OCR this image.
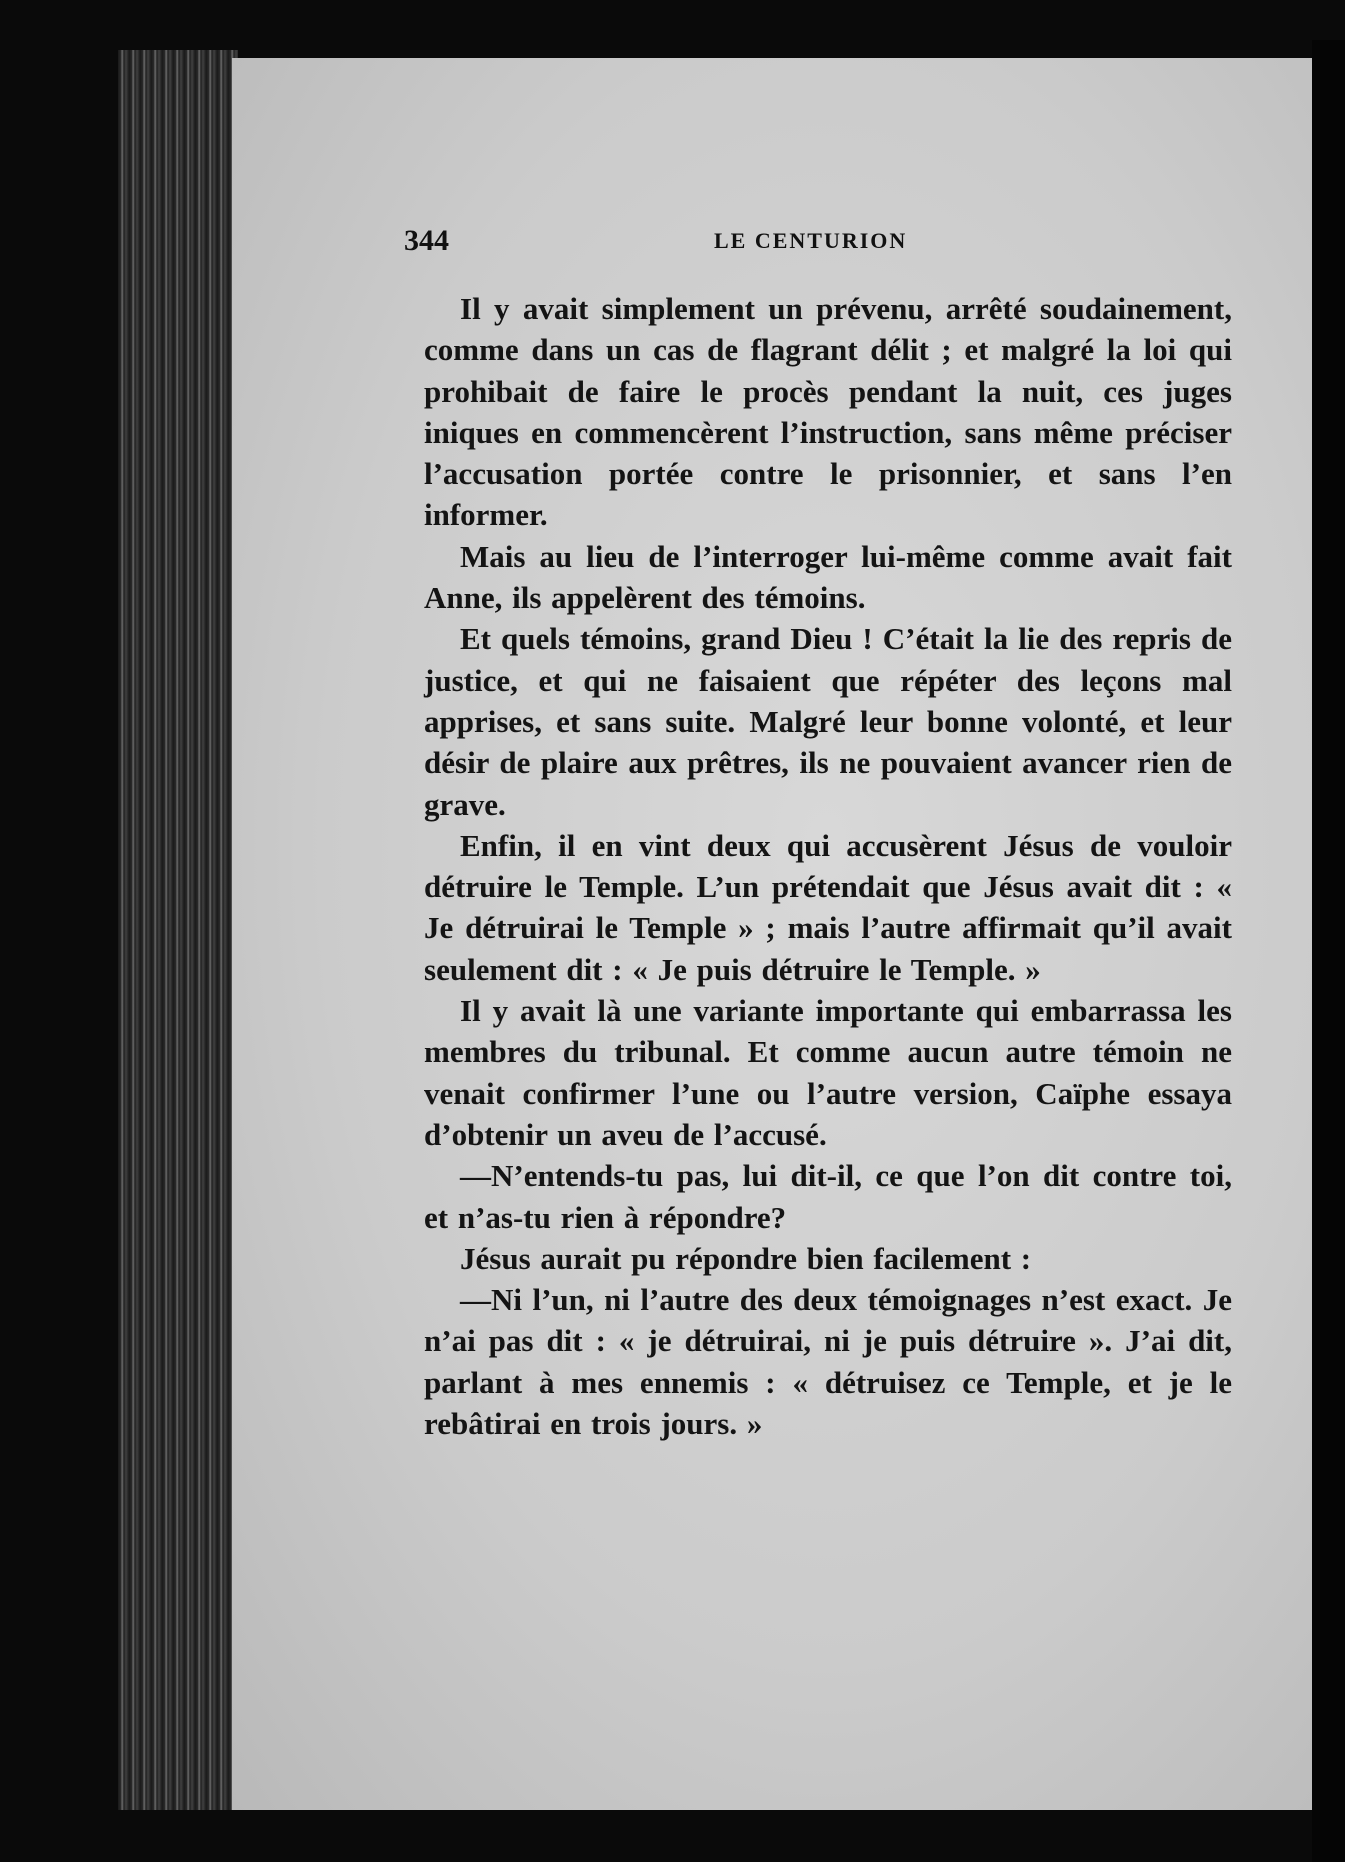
344	LE CENTURION

Il y avait simplement un prévenu, arrêté soudainement, comme dans un cas de flagrant délit ; et malgré la loi qui prohibait de faire le procès pendant la nuit, ces juges iniques en commencèrent l’instruction, sans même préciser l’accusation portée contre le prisonnier, et sans l’en informer.

Mais au lieu de l’interroger lui-même comme avait fait Anne, ils appelèrent des témoins.

Et quels témoins, grand Dieu ! C’était la lie des repris de justice, et qui ne faisaient que répéter des leçons mal apprises, et sans suite. Malgré leur bonne volonté, et leur désir de plaire aux prêtres, ils ne pouvaient avancer rien de grave.

Enfin, il en vint deux qui accusèrent Jésus de vouloir détruire le Temple. L’un prétendait que Jésus avait dit : « Je détruirai le Temple » ; mais l’autre affirmait qu’il avait seulement dit : « Je puis détruire le Temple. »

Il y avait là une variante importante qui embarrassa les membres du tribunal. Et comme aucun autre témoin ne venait confirmer l’une ou l’autre version, Caïphe essaya d’obtenir un aveu de l’accusé.

—N’entends-tu pas, lui dit-il, ce que l’on dit contre toi, et n’as-tu rien à répondre?

Jésus aurait pu répondre bien facilement :

—Ni l’un, ni l’autre des deux témoignages n’est exact. Je n’ai pas dit : « je détruirai, ni je puis détruire ». J’ai dit, parlant à mes ennemis : « détruisez ce Temple, et je le rebâtirai en trois jours. »
